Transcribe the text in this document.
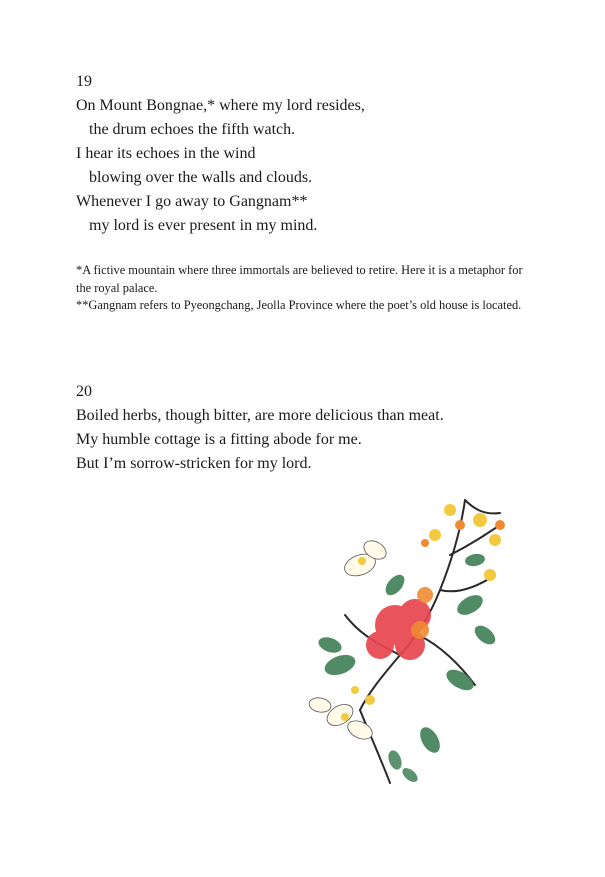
19

On Mount Bongnae,* where my lord resides,

the drum echoes the fifth watch.

I hear its echoes in the wind

blowing over the walls and clouds.

Whenever I go away to Gangnam**

my lord is ever present in my mind.

*A fictive mountain where three immortals are believed to retire. Here it is a metaphor for the royal palace.

**Gangnam refers to Pyeongchang, Jeolla Province where the poet’s old house is located.

20

Boiled herbs, though bitter, are more delicious than meat.

My humble cottage is a fitting abode for me.

But I’m sorrow-stricken for my lord.
